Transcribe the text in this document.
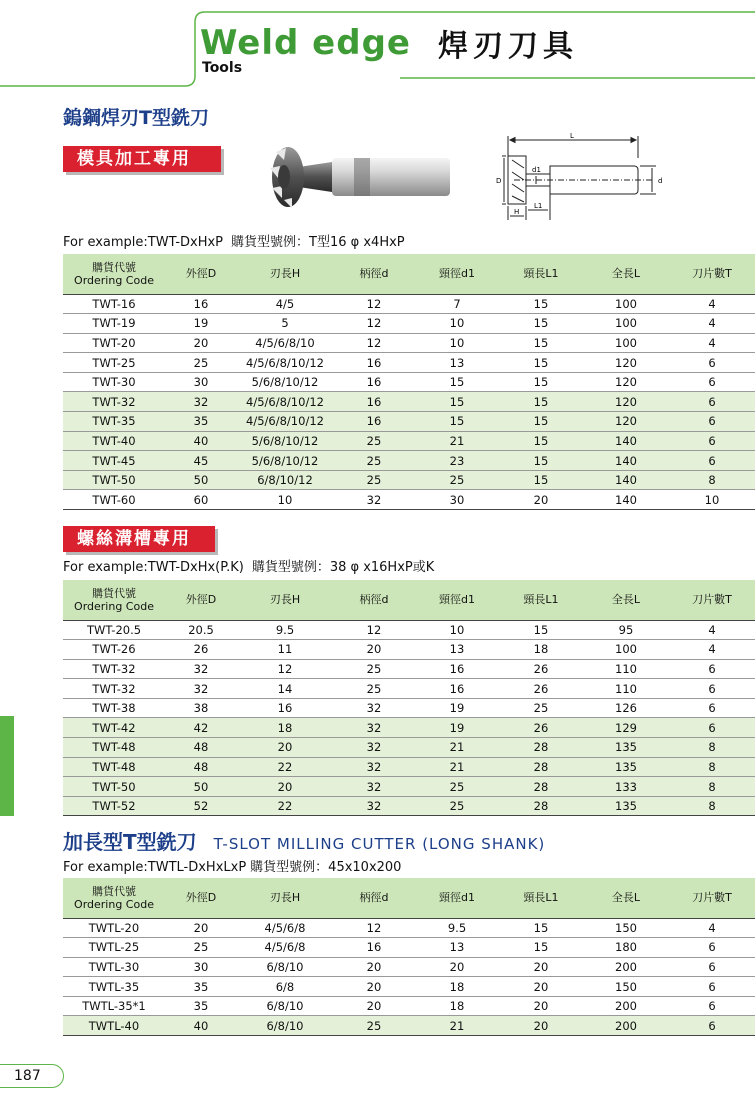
Weld edge
Tools
焊刃刀具
鎢鋼焊刃T型銑刀
模具加工專用
L
D
d1
d
H
L1
For example:TWT-DxHxP 購貨型號例：T型16 φ x4HxP
購貨代號
Ordering Code	外徑D	刃長H	柄徑d	頸徑d1	頸長L1	全長L	刀片數T
TWT-16	16	4/5	12	7	15	100	4
TWT-19	19	5	12	10	15	100	4
TWT-20	20	4/5/6/8/10	12	10	15	100	4
TWT-25	25	4/5/6/8/10/12	16	13	15	120	6
TWT-30	30	5/6/8/10/12	16	15	15	120	6
TWT-32	32	4/5/6/8/10/12	16	15	15	120	6
TWT-35	35	4/5/6/8/10/12	16	15	15	120	6
TWT-40	40	5/6/8/10/12	25	21	15	140	6
TWT-45	45	5/6/8/10/12	25	23	15	140	6
TWT-50	50	6/8/10/12	25	25	15	140	8
TWT-60	60	10	32	30	20	140	10
螺絲溝槽專用
For example:TWT-DxHx(P.K) 購貨型號例：38 φ x16HxP或K
購貨代號
Ordering Code	外徑D	刃長H	柄徑d	頸徑d1	頸長L1	全長L	刀片數T
TWT-20.5	20.5	9.5	12	10	15	95	4
TWT-26	26	11	20	13	18	100	4
TWT-32	32	12	25	16	26	110	6
TWT-32	32	14	25	16	26	110	6
TWT-38	38	16	32	19	25	126	6
TWT-42	42	18	32	19	26	129	6
TWT-48	48	20	32	21	28	135	8
TWT-48	48	22	32	21	28	135	8
TWT-50	50	20	32	25	28	133	8
TWT-52	52	22	32	25	28	135	8
加長型T型銑刀 T-SLOT MILLING CUTTER (LONG SHANK)
For example:TWTL-DxHxLxP 購貨型號例：45x10x200
購貨代號
Ordering Code	外徑D	刃長H	柄徑d	頸徑d1	頸長L1	全長L	刀片數T
TWTL-20	20	4/5/6/8	12	9.5	15	150	4
TWTL-25	25	4/5/6/8	16	13	15	180	6
TWTL-30	30	6/8/10	20	20	20	200	6
TWTL-35	35	6/8	20	18	20	150	6
TWTL-35*1	35	6/8/10	20	18	20	200	6
TWTL-40	40	6/8/10	25	21	20	200	6
187
